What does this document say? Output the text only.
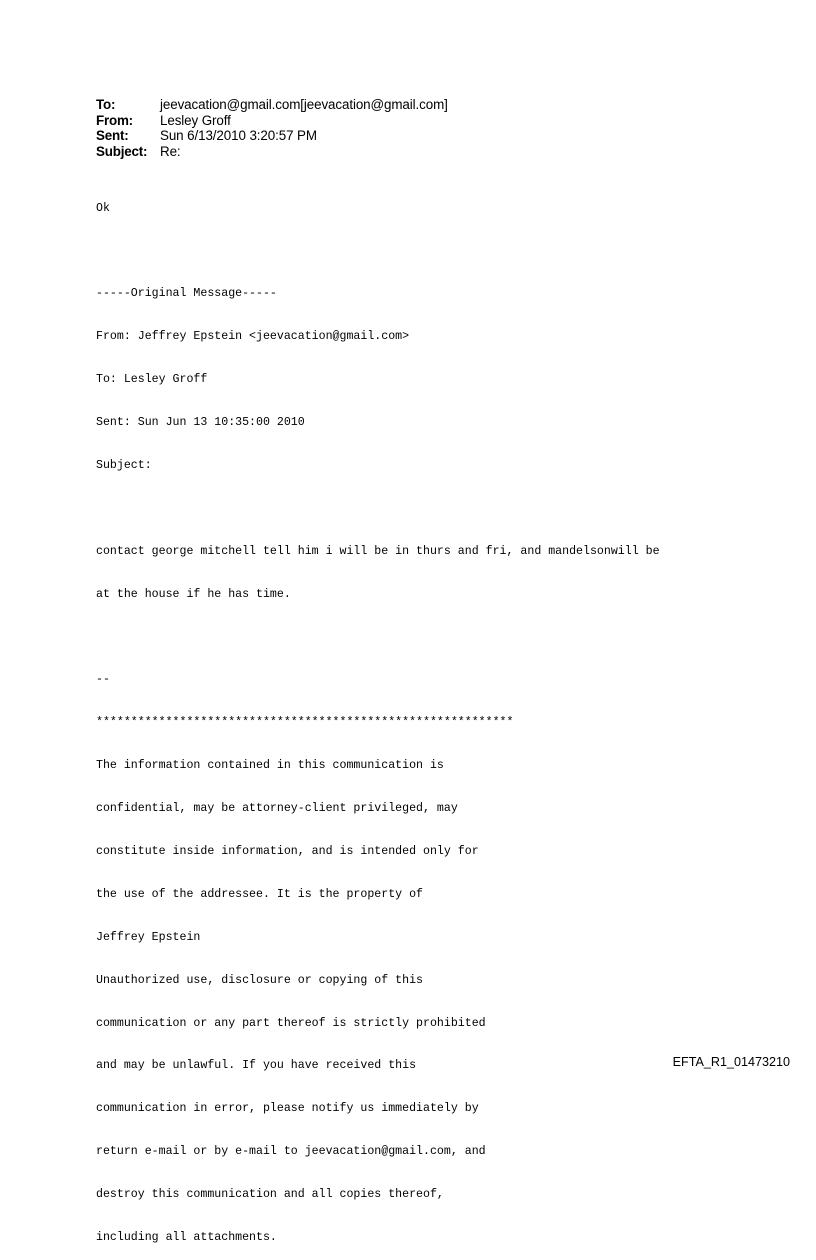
To:	jeevacation@gmail.com[jeevacation@gmail.com]
From:	Lesley Groff
Sent:	Sun 6/13/2010 3:20:57 PM
Subject: Re:

Ok

-----Original Message-----

From: Jeffrey Epstein <jeevacation@gmail.com>

To: Lesley Groff

Sent: Sun Jun 13 10:35:00 2010

Subject:

contact george mitchell tell him i will be in thurs and fri, and mandelsonwill be

at the house if he has time.

--

************************************************************

The information contained in this communication is

confidential, may be attorney-client privileged, may

constitute inside information, and is intended only for

the use of the addressee. It is the property of

Jeffrey Epstein

Unauthorized use, disclosure or copying of this

communication or any part thereof is strictly prohibited

and may be unlawful. If you have received this

communication in error, please notify us immediately by

return e-mail or by e-mail to jeevacation@gmail.com, and

destroy this communication and all copies thereof,

including all attachments.

EFTA_R1_01473210
